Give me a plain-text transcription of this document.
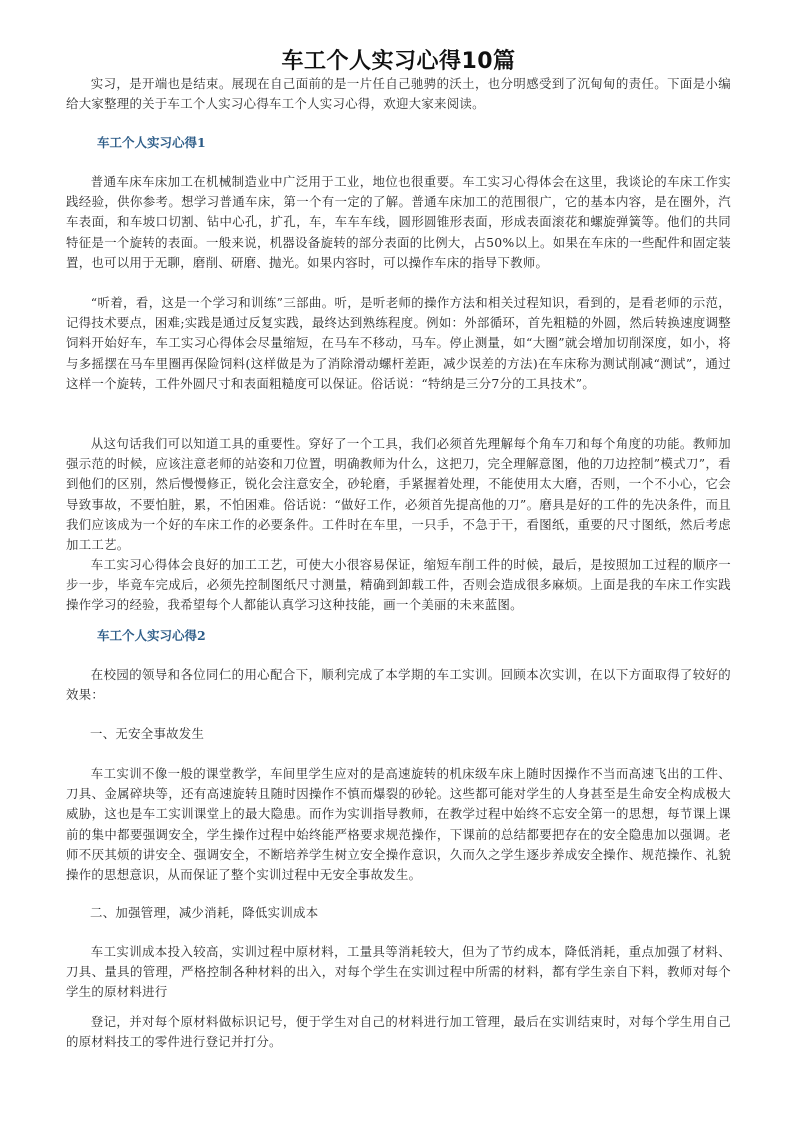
车工个人实习心得10篇

实习，是开端也是结束。展现在自己面前的是一片任自己驰骋的沃土，也分明感受到了沉甸甸的责任。下面是小编给大家整理的关于车工个人实习心得车工个人实习心得，欢迎大家来阅读。

车工个人实习心得1

普通车床车床加工在机械制造业中广泛用于工业，地位也很重要。车工实习心得体会在这里，我谈论的车床工作实践经验，供你参考。想学习普通车床，第一个有一定的了解。普通车床加工的范围很广，它的基本内容，是在圈外，汽车表面，和车坡口切割、钻中心孔，扩孔，车，车车车线，圆形圆锥形表面，形成表面滚花和螺旋弹簧等。他们的共同特征是一个旋转的表面。一般来说，机器设备旋转的部分表面的比例大，占50%以上。如果在车床的一些配件和固定装置，也可以用于无聊，磨削、研磨、抛光。如果内容时，可以操作车床的指导下教师。

“听着，看，这是一个学习和训练”三部曲。听，是听老师的操作方法和相关过程知识，看到的，是看老师的示范，记得技术要点，困难;实践是通过反复实践，最终达到熟练程度。例如：外部循环，首先粗糙的外圆，然后转换速度调整饲料开始好车，车工实习心得体会尽量缩短，在马车不移动，马车。停止测量，如“大圈”就会增加切削深度，如小，将与多摇摆在马车里圈再保险饲料(这样做是为了消除滑动螺杆差距，减少误差的方法)在车床称为测试削减“测试”，通过这样一个旋转，工件外圆尺寸和表面粗糙度可以保证。俗话说：“特纳是三分7分的工具技术”。

从这句话我们可以知道工具的重要性。穿好了一个工具，我们必须首先理解每个角车刀和每个角度的功能。教师加强示范的时候，应该注意老师的站姿和刀位置，明确教师为什么，这把刀，完全理解意图，他的刀边控制”模式刀”，看到他们的区别，然后慢慢修正，锐化会注意安全，砂轮磨，手紧握着处理，不能使用太大磨，否则，一个不小心，它会导致事故，不要怕脏，累，不怕困难。俗话说：“做好工作，必须首先提高他的刀”。磨具是好的工件的先决条件，而且我们应该成为一个好的车床工作的必要条件。工件时在车里，一只手，不急于干，看图纸，重要的尺寸图纸，然后考虑加工工艺。

车工实习心得体会良好的加工工艺，可使大小很容易保证，缩短车削工件的时候，最后，是按照加工过程的顺序一步一步，毕竟车完成后，必须先控制图纸尺寸测量，精确到卸载工件，否则会造成很多麻烦。上面是我的车床工作实践操作学习的经验，我希望每个人都能认真学习这种技能，画一个美丽的未来蓝图。

车工个人实习心得2

在校园的领导和各位同仁的用心配合下，顺利完成了本学期的车工实训。回顾本次实训，在以下方面取得了较好的效果：

一、无安全事故发生

车工实训不像一般的课堂教学，车间里学生应对的是高速旋转的机床级车床上随时因操作不当而高速飞出的工件、刀具、金属碎块等，还有高速旋转且随时因操作不慎而爆裂的砂轮。这些都可能对学生的人身甚至是生命安全构成极大威胁，这也是车工实训课堂上的最大隐患。而作为实训指导教师，在教学过程中始终不忘安全第一的思想，每节课上课前的集中都要强调安全，学生操作过程中始终能严格要求规范操作，下课前的总结都要把存在的安全隐患加以强调。老师不厌其烦的讲安全、强调安全，不断培养学生树立安全操作意识，久而久之学生逐步养成安全操作、规范操作、礼貌操作的思想意识，从而保证了整个实训过程中无安全事故发生。

二、加强管理，减少消耗，降低实训成本

车工实训成本投入较高，实训过程中原材料，工量具等消耗较大，但为了节约成本，降低消耗，重点加强了材料、刀具、量具的管理，严格控制各种材料的出入，对每个学生在实训过程中所需的材料，都有学生亲自下料，教师对每个学生的原材料进行

登记，并对每个原材料做标识记号，便于学生对自己的材料进行加工管理，最后在实训结束时，对每个学生用自己的原材料技工的零件进行登记并打分。
